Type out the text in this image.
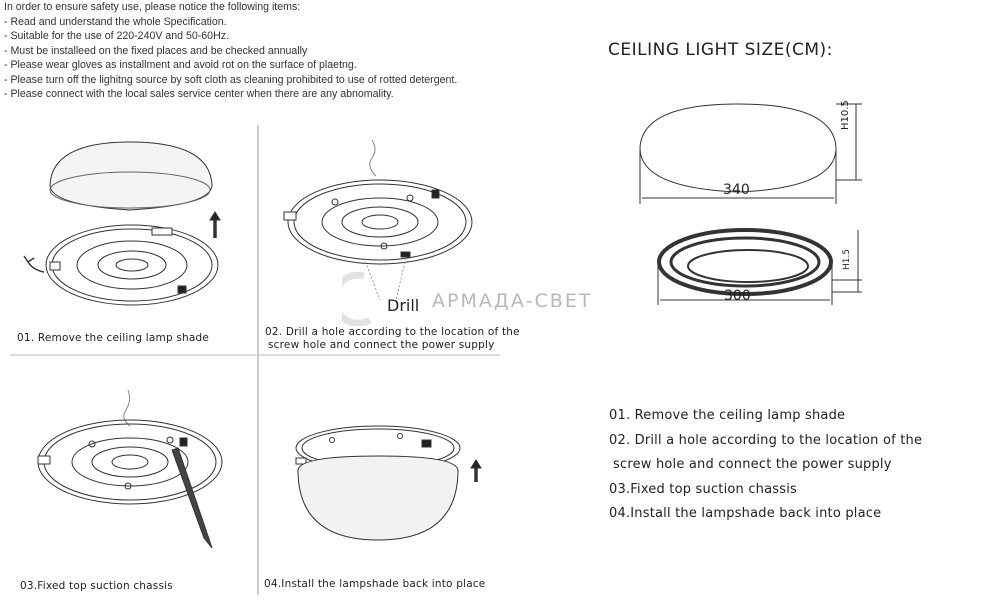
In order to ensure safety use, please notice the following items:
- Read and understand the whole Specification.
- Suitable for the use of 220-240V and 50-60Hz.
- Must be installeed on the fixed places and be checked annually
- Please wear gloves as installment and avoid rot on the surface of plaetng.
- Please turn off the lighitng source by soft cloth as cleaning prohibited to use of rotted detergent.
- Please connect with the local sales service center when there are any abnomality.
CEILING LIGHT SIZE(CM):
340
H10.5
300
H1.5
Drill
01. Remove the ceiling lamp shade	02. Drill a hole according to the location of the
screw hole and connect the power supply
03.Fixed top suction chassis	04.Install the lampshade back into place
АРМАДА-СВЕТ
01. Remove the ceiling lamp shade
02. Drill a hole according to the location of the
screw hole and connect the power supply
03.Fixed top suction chassis
04.Install the lampshade back into place
